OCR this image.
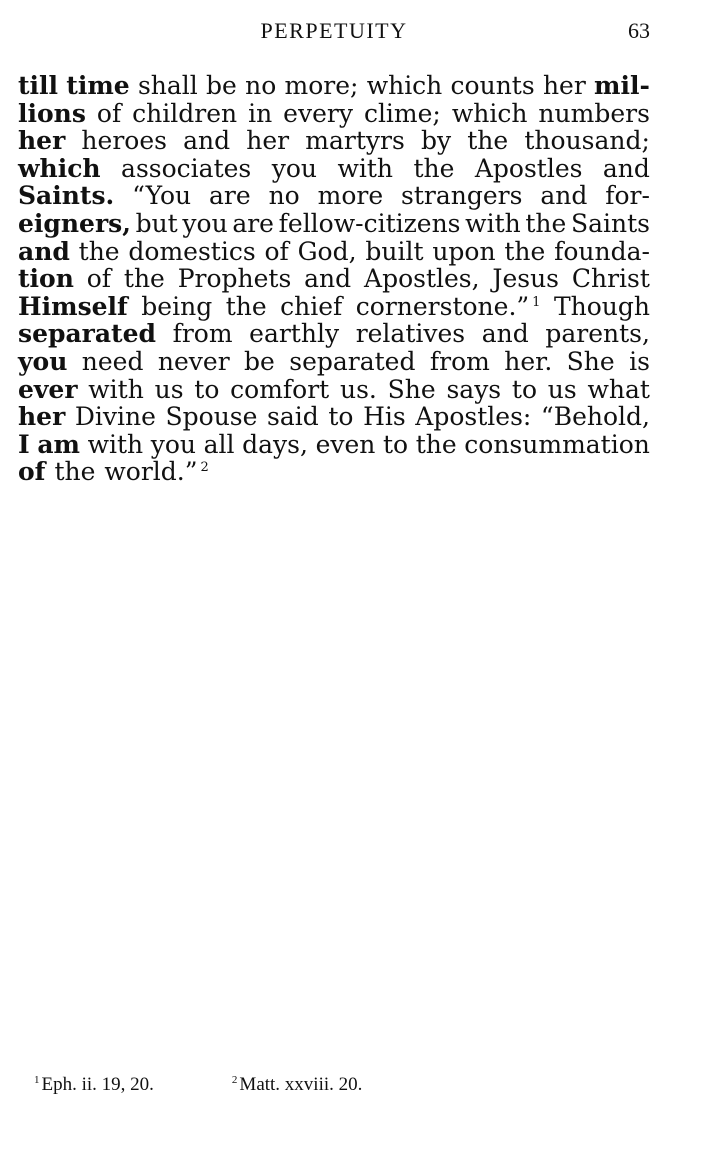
PERPETUITY	63
till time shall be no more; which counts her mil-
lions of children in every clime; which numbers
her heroes and her martyrs by the thousand;
which associates you with the Apostles and
Saints. “You are no more strangers and for-
eigners, but you are fellow-citizens with the Saints
and the domestics of God, built upon the founda-
tion of the Prophets and Apostles, Jesus Christ
Himself being the chief cornerstone.” $^1$ Though
separated from earthly relatives and parents,
you need never be separated from her. She is
ever with us to comfort us. She says to us what
her Divine Spouse said to His Apostles: “Behold,
I am with you all days, even to the consummation
of the world.” $^2$
$^1$ Eph. ii. 19, 20.	$^2$ Matt. xxviii. 20.
